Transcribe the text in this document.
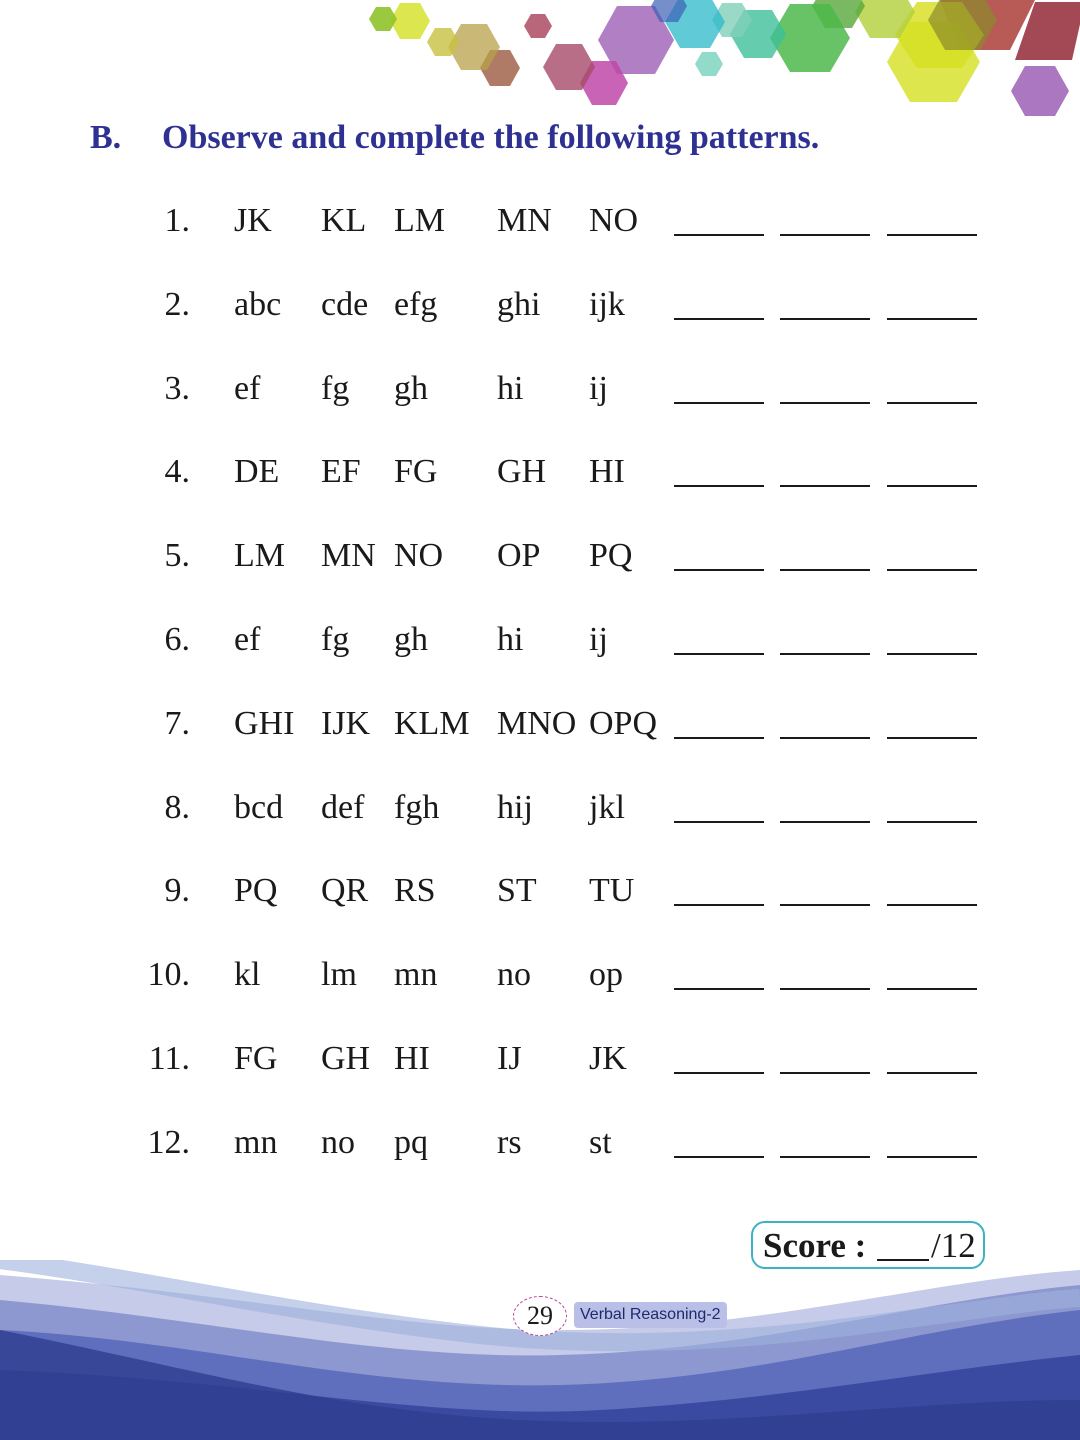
B. Observe and complete the following patterns.
1. JK KL LM MN NO
2. abc cde efg ghi ijk
3. ef fg gh hi ij
4. DE EF FG GH HI
5. LM MN NO OP PQ
6. ef fg gh hi ij
7. GHI IJK KLM MNO OPQ
8. bcd def fgh hij jkl
9. PQ QR RS ST TU
10. kl lm mn no op
11. FG GH HI IJ JK
12. mn no pq rs st
Score : /12
29	Verbal Reasoning-2
